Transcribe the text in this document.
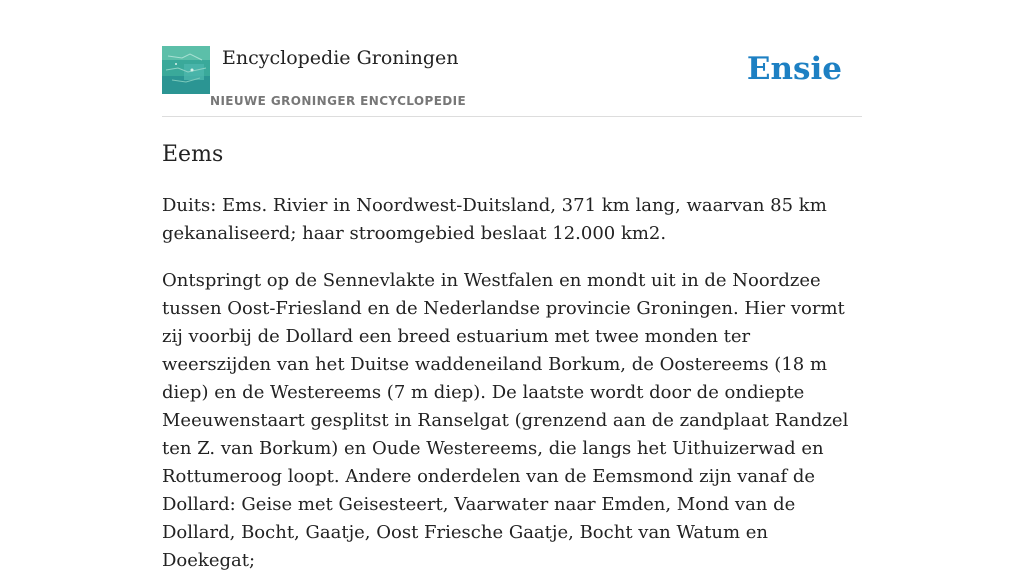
Encyclopedie Groningen
NIEUWE GRONINGER ENCYCLOPEDIE
Ensie
Eems

Duits: Ems. Rivier in Noordwest-Duitsland, 371 km lang, waarvan 85 km gekanaliseerd; haar stroomgebied beslaat 12.000 km2.

Ontspringt op de Sennevlakte in Westfalen en mondt uit in de Noordzee tussen Oost-Friesland en de Nederlandse provincie Groningen. Hier vormt zij voorbij de Dollard een breed estuarium met twee monden ter weerszijden van het Duitse waddeneiland Borkum, de Oostereems (18 m diep) en de Westereems (7 m diep). De laatste wordt door de ondiepte Meeuwenstaart gesplitst in Ranselgat (grenzend aan de zandplaat Randzel ten Z. van Borkum) en Oude Westereems, die langs het Uithuizerwad en Rottumeroog loopt. Andere onderdelen van de Eemsmond zijn vanaf de Dollard: Geise met Geisesteert, Vaarwater naar Emden, Mond van de Dollard, Bocht, Gaatje, Oost Friesche Gaatje, Bocht van Watum en Doekegat;
